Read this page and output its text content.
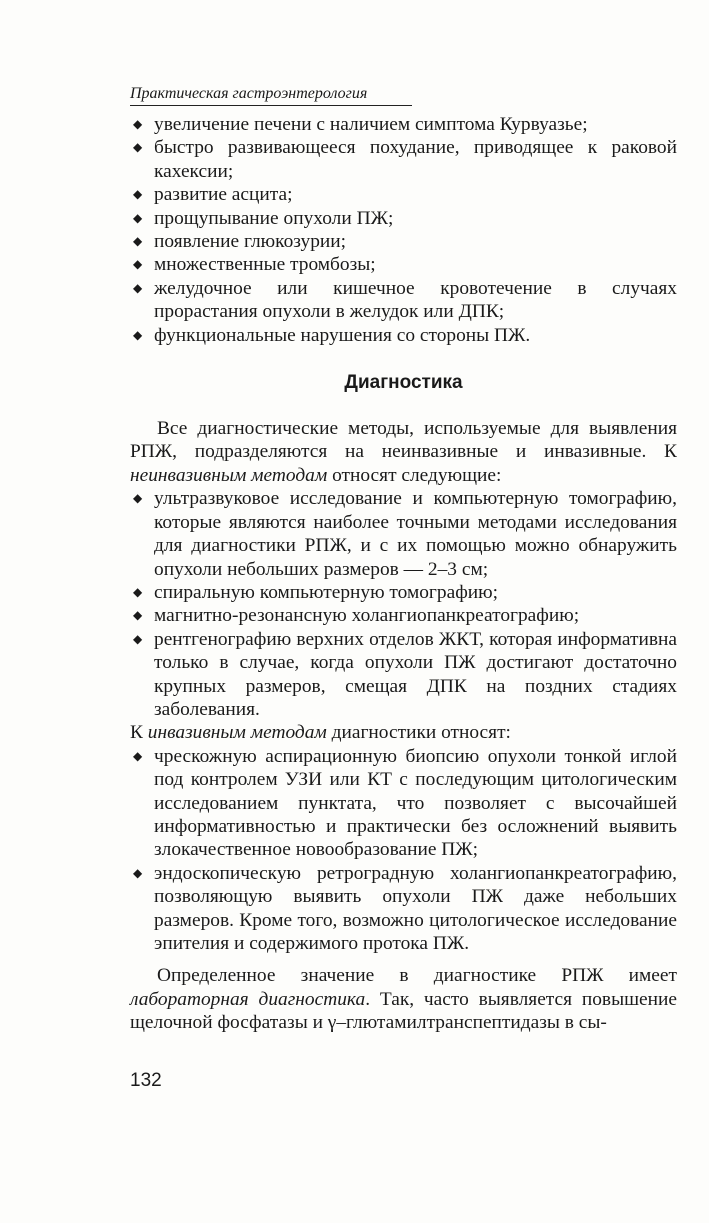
Практическая гастроэнтерология
◆ увеличение печени с наличием симптома Курвуазье;
◆ быстро развивающееся похудание, приводящее к раковой кахексии;
◆ развитие асцита;
◆ прощупывание опухоли ПЖ;
◆ появление глюкозурии;
◆ множественные тромбозы;
◆ желудочное или кишечное кровотечение в случаях прорастания опухоли в желудок или ДПК;
◆ функциональные нарушения со стороны ПЖ.
Диагностика

Все диагностические методы, используемые для выявления РПЖ, подразделяются на неинвазивные и инвазивные. К неинвазивным методам относят следующие:

◆ ультразвуковое исследование и компьютерную томографию, которые являются наиболее точными методами исследования для диагностики РПЖ, и с их помощью можно обнаружить опухоли небольших размеров — 2–3 см;
◆ спиральную компьютерную томографию;
◆ магнитно-резонансную холангиопанкреатографию;
◆ рентгенографию верхних отделов ЖКТ, которая информативна только в случае, когда опухоли ПЖ достигают достаточно крупных размеров, смещая ДПК на поздних стадиях заболевания.

К инвазивным методам диагностики относят:

◆ чрескожную аспирационную биопсию опухоли тонкой иглой под контролем УЗИ или КТ с последующим цитологическим исследованием пунктата, что позволяет с высочайшей информативностью и практически без осложнений выявить злокачественное новообразование ПЖ;
◆ эндоскопическую ретроградную холангиопанкреатографию, позволяющую выявить опухоли ПЖ даже небольших размеров. Кроме того, возможно цитологическое исследование эпителия и содержимого протока ПЖ.

Определенное значение в диагностике РПЖ имеет лабораторная диагностика. Так, часто выявляется повышение щелочной фосфатазы и γ–глютамилтранспептидазы в сы-

132
